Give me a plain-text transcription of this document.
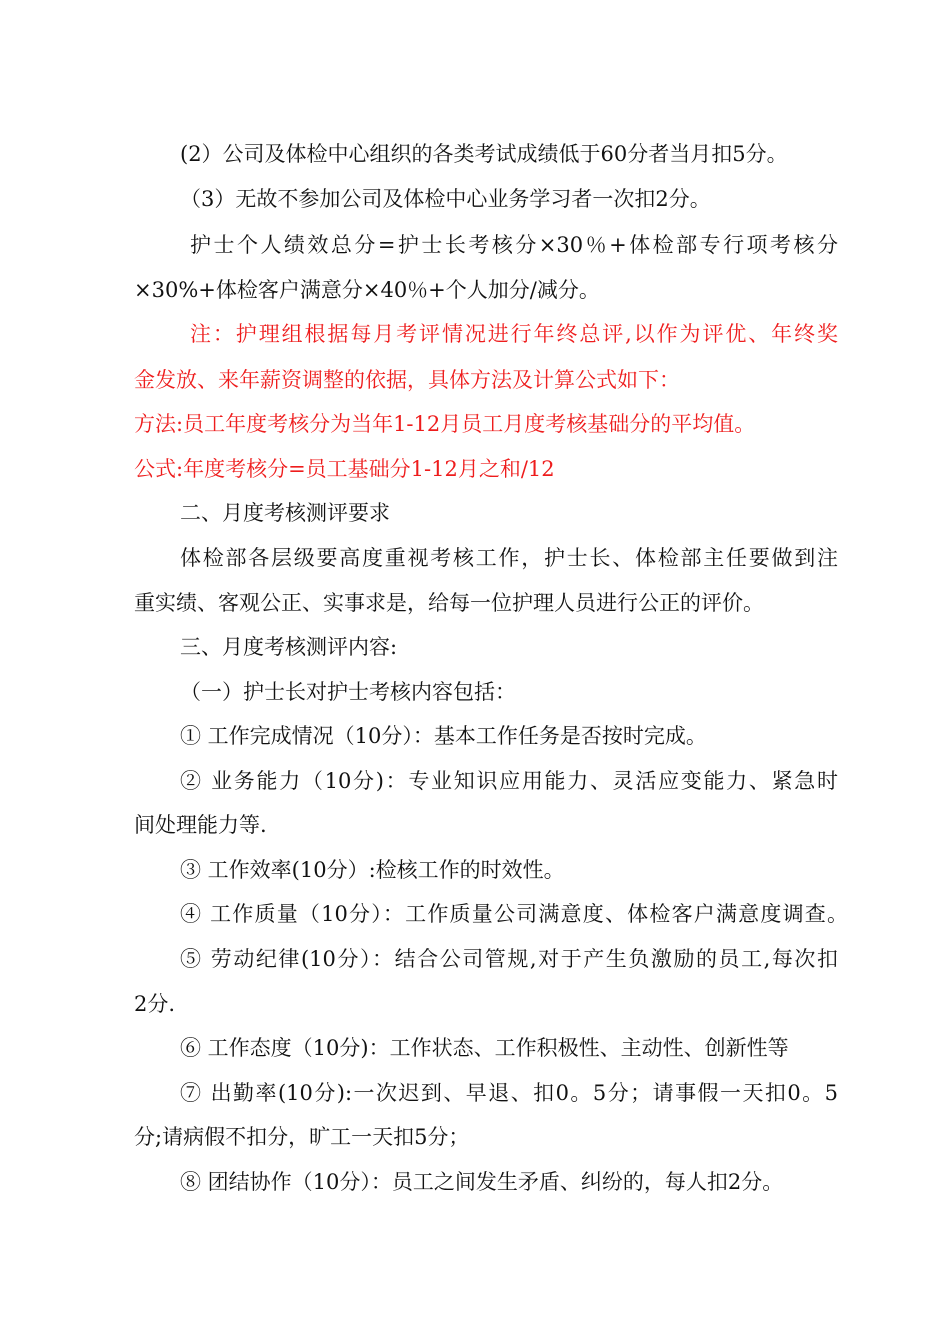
(2）公司及体检中心组织的各类考试成绩低于60分者当月扣5分。
（3）无故不参加公司及体检中心业务学习者一次扣2分。
护士个人绩效总分=护士长考核分×30％+体检部专行项考核分
×30%+体检客户满意分×40％+个人加分/减分。
注：护理组根据每月考评情况进行年终总评,以作为评优、年终奖
金发放、来年薪资调整的依据，具体方法及计算公式如下：
方法:员工年度考核分为当年1-12月员工月度考核基础分的平均值。
公式:年度考核分=员工基础分1-12月之和/12
二、月度考核测评要求
体检部各层级要高度重视考核工作，护士长、体检部主任要做到注
重实绩、客观公正、实事求是，给每一位护理人员进行公正的评价。
三、月度考核测评内容:
（一）护士长对护士考核内容包括：
① 工作完成情况（10分）：基本工作任务是否按时完成。
② 业务能力（10分)：专业知识应用能力、灵活应变能力、紧急时
间处理能力等.
③ 工作效率(10分）:检核工作的时效性。
④ 工作质量（10分）：工作质量公司满意度、体检客户满意度调查。
⑤ 劳动纪律(10分）：结合公司管规,对于产生负激励的员工,每次扣
2分.
⑥ 工作态度（10分)：工作状态、工作积极性、主动性、创新性等
⑦ 出勤率(10分):一次迟到、早退、扣0。5分；请事假一天扣0。5
分;请病假不扣分，旷工一天扣5分；
⑧ 团结协作（10分）：员工之间发生矛盾、纠纷的，每人扣2分。
